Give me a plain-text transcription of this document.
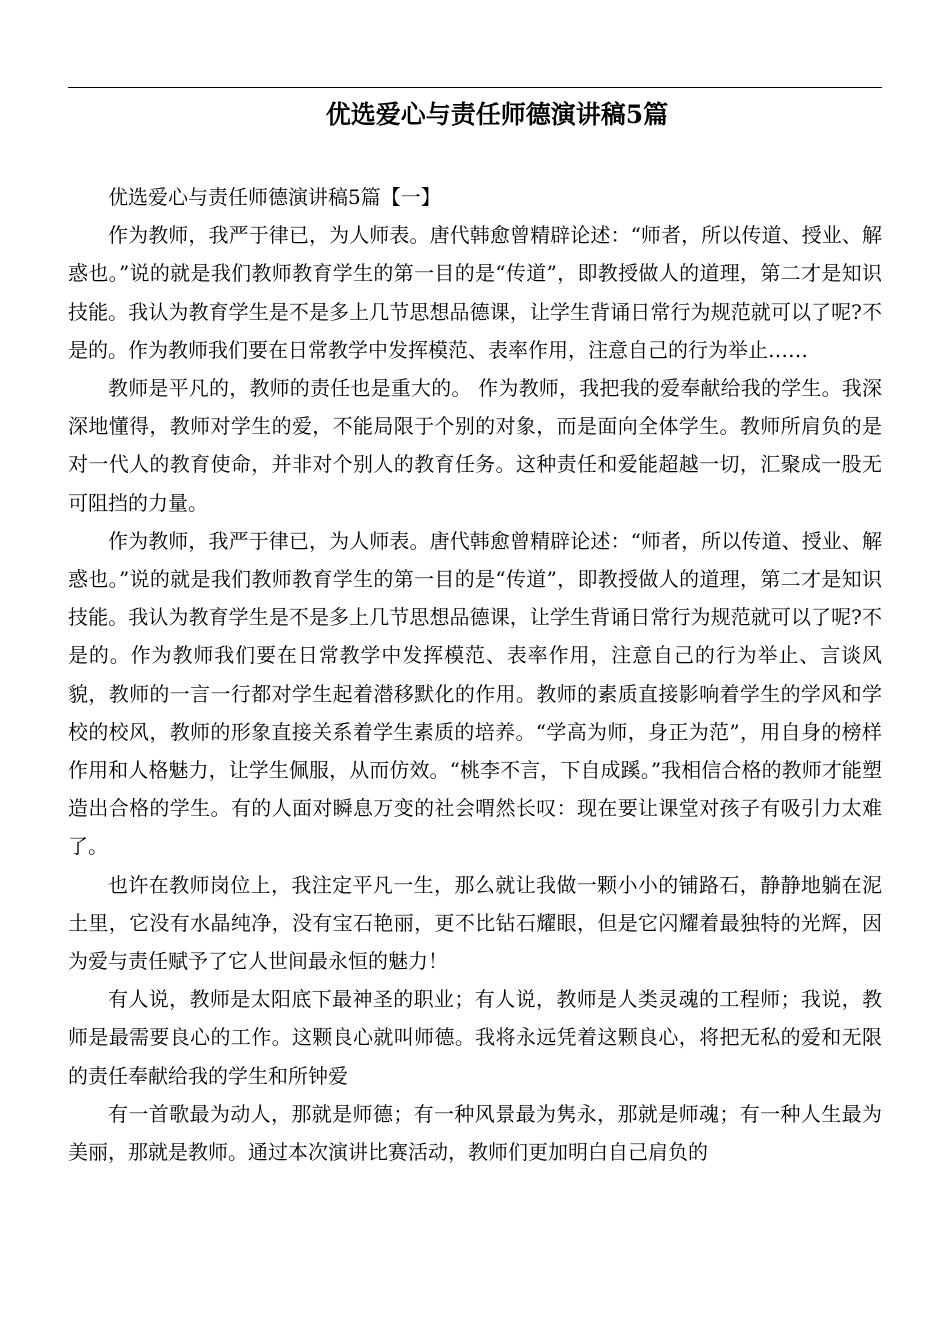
优选爱心与责任师德演讲稿5篇

优选爱心与责任师德演讲稿5篇【一】

作为教师，我严于律已，为人师表。唐代韩愈曾精辟论述：“师者，所以传道、授业、解惑也。”说的就是我们教师教育学生的第一目的是“传道”，即教授做人的道理，第二才是知识技能。我认为教育学生是不是多上几节思想品德课，让学生背诵日常行为规范就可以了呢?不是的。作为教师我们要在日常教学中发挥模范、表率作用，注意自己的行为举止……

教师是平凡的，教师的责任也是重大的。 作为教师，我把我的爱奉献给我的学生。我深深地懂得，教师对学生的爱，不能局限于个别的对象，而是面向全体学生。教师所肩负的是对一代人的教育使命，并非对个别人的教育任务。这种责任和爱能超越一切，汇聚成一股无可阻挡的力量。

作为教师，我严于律已，为人师表。唐代韩愈曾精辟论述：“师者，所以传道、授业、解惑也。”说的就是我们教师教育学生的第一目的是“传道”，即教授做人的道理，第二才是知识技能。我认为教育学生是不是多上几节思想品德课，让学生背诵日常行为规范就可以了呢?不是的。作为教师我们要在日常教学中发挥模范、表率作用，注意自己的行为举止、言谈风貌，教师的一言一行都对学生起着潜移默化的作用。教师的素质直接影响着学生的学风和学校的校风，教师的形象直接关系着学生素质的培养。“学高为师，身正为范”，用自身的榜样作用和人格魅力，让学生佩服，从而仿效。“桃李不言，下自成蹊。”我相信合格的教师才能塑造出合格的学生。有的人面对瞬息万变的社会喟然长叹：现在要让课堂对孩子有吸引力太难了。

也许在教师岗位上，我注定平凡一生，那么就让我做一颗小小的铺路石，静静地躺在泥土里，它没有水晶纯净，没有宝石艳丽，更不比钻石耀眼，但是它闪耀着最独特的光辉，因为爱与责任赋予了它人世间最永恒的魅力！

有人说，教师是太阳底下最神圣的职业；有人说，教师是人类灵魂的工程师；我说，教师是最需要良心的工作。这颗良心就叫师德。我将永远凭着这颗良心，将把无私的爱和无限的责任奉献给我的学生和所钟爱

有一首歌最为动人，那就是师德；有一种风景最为隽永，那就是师魂；有一种人生最为美丽，那就是教师。通过本次演讲比赛活动，教师们更加明白自己肩负的
